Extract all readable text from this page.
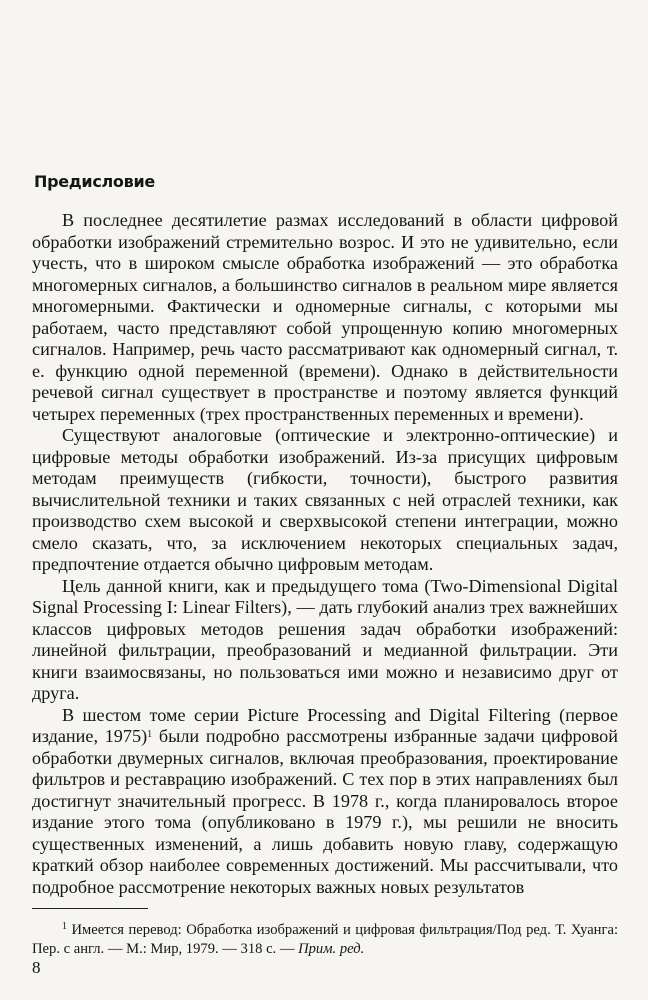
Предисловие

В последнее десятилетие размах исследований в области цифровой обработки изображений стремительно возрос. И это не удивительно, если учесть, что в широком смысле обработка изображений — это обработка многомерных сигналов, а большинство сигналов в реальном мире является многомерными. Фактически и одномерные сигналы, с которыми мы работаем, часто представляют собой упрощенную копию многомерных сигналов. Например, речь часто рассматривают как одномерный сигнал, т. е. функцию одной переменной (времени). Однако в действительности речевой сигнал существует в пространстве и поэтому является функций четырех переменных (трех пространственных переменных и времени).

Существуют аналоговые (оптические и электронно-оптические) и цифровые методы обработки изображений. Из-за присущих цифровым методам преимуществ (гибкости, точности), быстрого развития вычислительной техники и таких связанных с ней отраслей техники, как производство схем высокой и сверхвысокой степени интеграции, можно смело сказать, что, за исключением некоторых специальных задач, предпочтение отдается обычно цифровым методам.

Цель данной книги, как и предыдущего тома (Two-Dimensional Digital Signal Processing I: Linear Filters), — дать глубокий анализ трех важнейших классов цифровых методов решения задач обработки изображений: линейной фильтрации, преобразований и медианной фильтрации. Эти книги взаимосвязаны, но пользоваться ими можно и независимо друг от друга.

В шестом томе серии Picture Processing and Digital Filtering (первое издание, 1975)$^1$ были подробно рассмотрены избранные задачи цифровой обработки двумерных сигналов, включая преобразования, проектирование фильтров и реставрацию изображений. С тех пор в этих направлениях был достигнут значительный прогресс. В 1978 г., когда планировалось второе издание этого тома (опубликовано в 1979 г.), мы решили не вносить существенных изменений, а лишь добавить новую главу, содержащую краткий обзор наиболее современных достижений. Мы рассчитывали, что подробное рассмотрение некоторых важных новых результатов

$^1$ Имеется перевод: Обработка изображений и цифровая фильтрация/Под ред. Т. Хуанга: Пер. с англ. — М.: Мир, 1979. — 318 с. — Прим. ред.
8
